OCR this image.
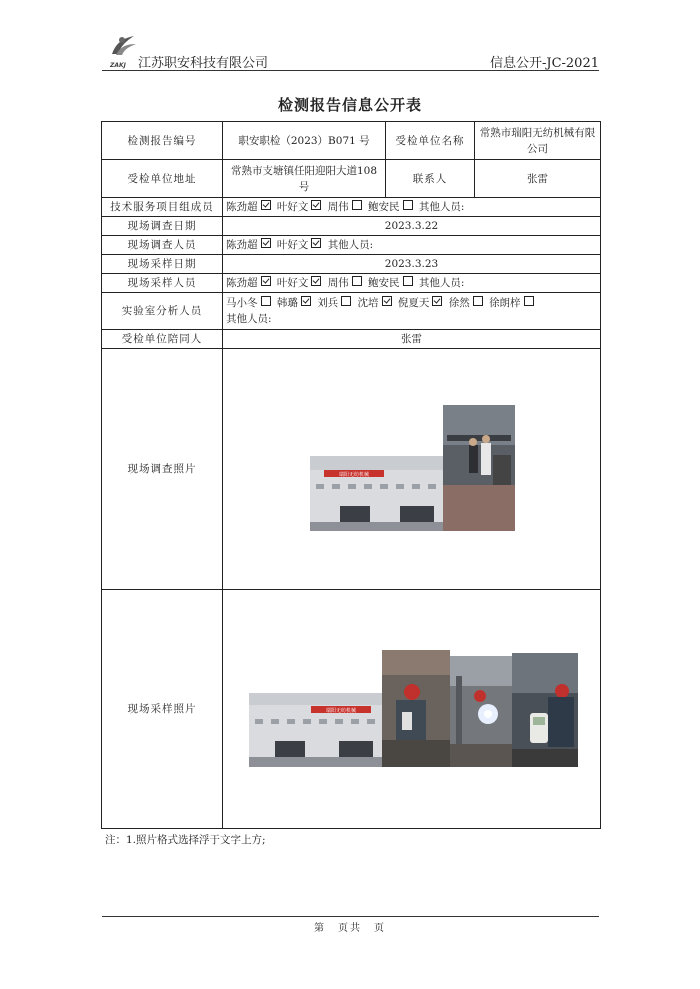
ZAKJ 江苏职安科技有限公司	信息公开-JC-2021
检测报告信息公开表
检测报告编号	职安职检（2023）B071 号	受检单位名称	常熟市瑞阳无纺机械有限公司
受检单位地址	常熟市支塘镇任阳迎阳大道108号	联系人	张雷
技术服务项目组成员	陈劲超 叶好文 周伟 鲍安民 其他人员:		
现场调查日期	2023.3.22		
现场调查人员	陈劲超 叶好文 其他人员:		
现场采样日期	2023.3.23		
现场采样人员	陈劲超 叶好文 周伟 鲍安民 其他人员:		
实验室分析人员	马小冬 韩璐 刘兵 沈培 倪夏天 徐然 徐朗梓
其他人员:		
受检单位陪同人	张雷		
现场调查照片	瑞阳无纺机械		

现场采样照片	瑞阳无纺机械		
注：1.照片格式选择浮于文字上方;
第　页共　页
